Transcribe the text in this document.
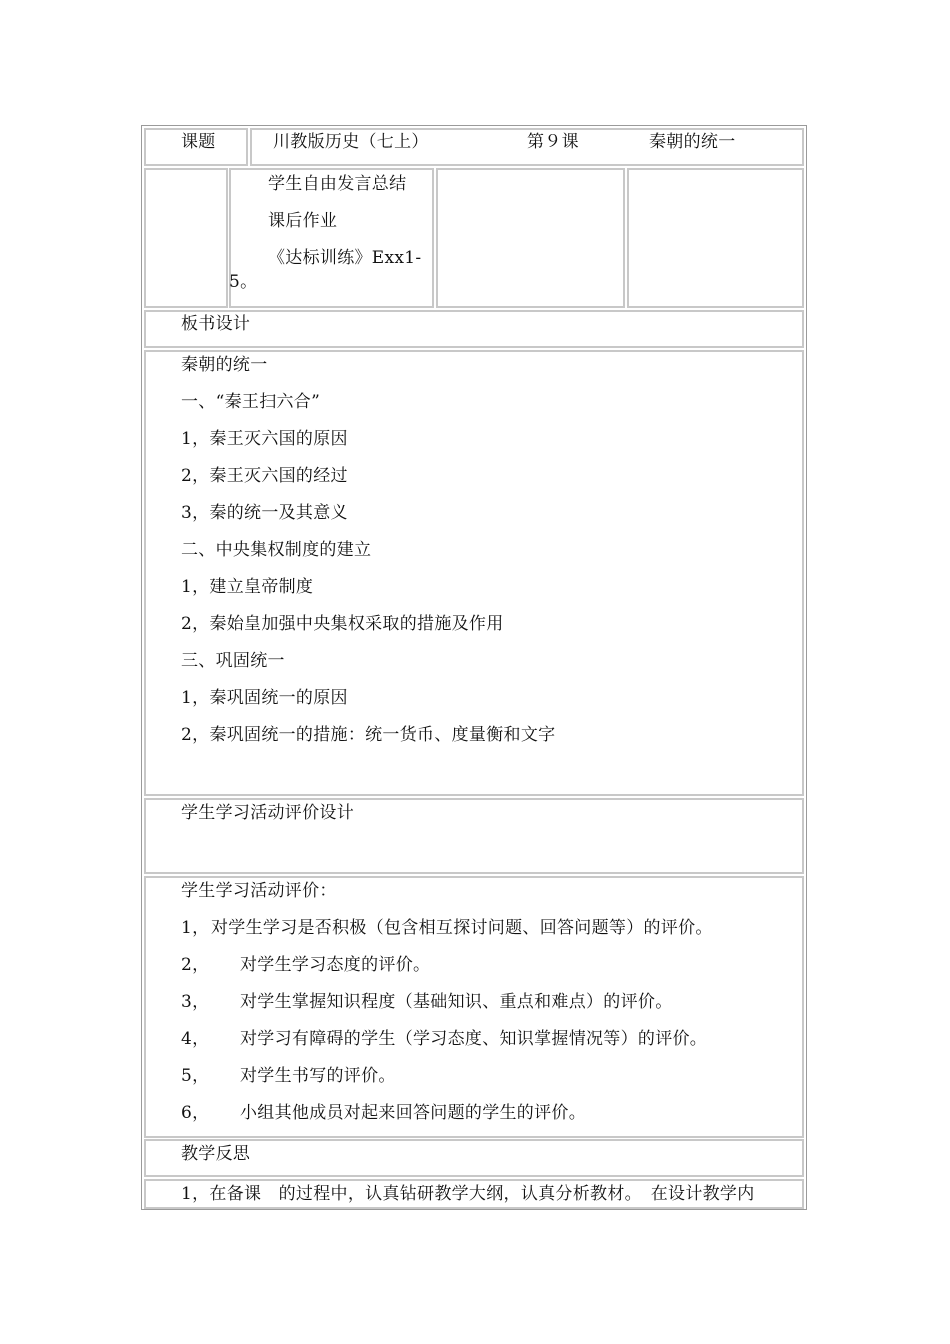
课题	川教版历史（七上）	第９课	秦朝的统一
学生自由发言总结
课后作业
《达标训练》Exx1-
5。
板书设计
秦朝的统一
一、“秦王扫六合”
1，秦王灭六国的原因
2，秦王灭六国的经过
3，秦的统一及其意义
二、中央集权制度的建立
1，建立皇帝制度
2，秦始皇加强中央集权采取的措施及作用
三、巩固统一
1，秦巩固统一的原因
2，秦巩固统一的措施：统一货币、度量衡和文字
学生学习活动评价设计
学生学习活动评价：
1， 对学生学习是否积极（包含相互探讨问题、回答问题等）的评价。
2， 对学生学习态度的评价。
3， 对学生掌握知识程度（基础知识、重点和难点）的评价。
4， 对学习有障碍的学生（学习态度、知识掌握情况等）的评价。
5， 对学生书写的评价。
6， 小组其他成员对起来回答问题的学生的评价。
教学反思
1，在备课　的过程中，认真钻研教学大纲，认真分析教材。　在设计教学内
